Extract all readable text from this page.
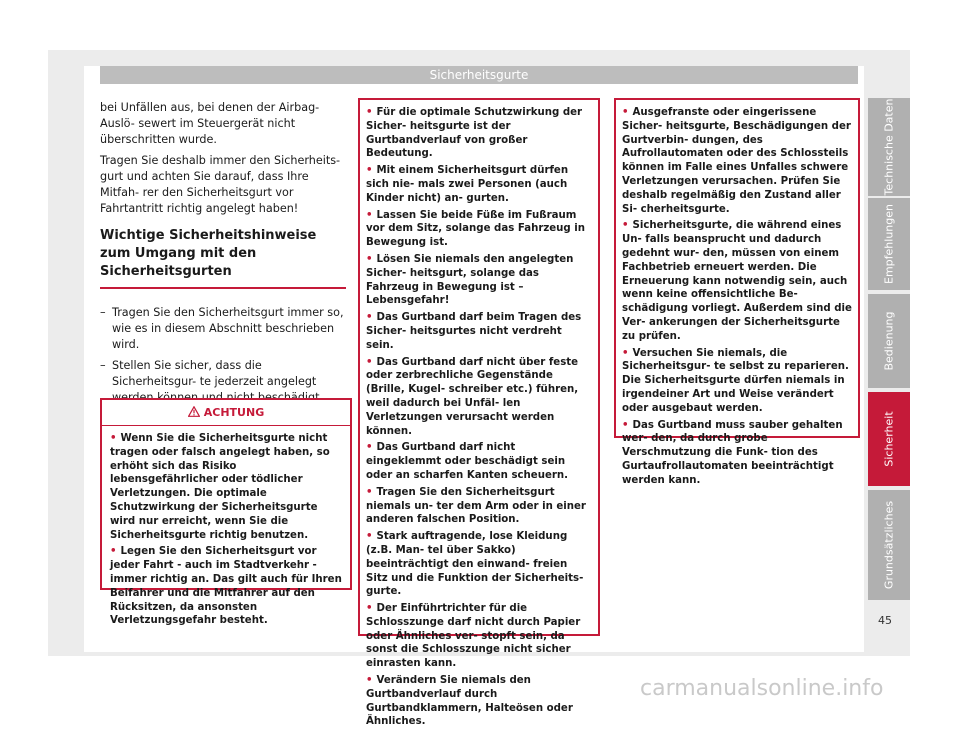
Sicherheitsgurte

bei Unfällen aus, bei denen der Airbag-Auslö- sewert im Steuergerät nicht überschritten wurde.

Tragen Sie deshalb immer den Sicherheits- gurt und achten Sie darauf, dass Ihre Mitfah- rer den Sicherheitsgurt vor Fahrtantritt richtig angelegt haben!

Wichtige Sicherheitshinweise zum Umgang mit den Sicherheitsgurten

– Tragen Sie den Sicherheitsgurt immer so, wie es in diesem Abschnitt beschrieben wird.

– Stellen Sie sicher, dass die Sicherheitsgur- te jederzeit angelegt

ACHTUNG
• Wenn Sie die Sicherheitsgurte nicht tragen oder falsch angelegt haben, so erhöht sich das Risiko lebensgefährlicher oder tödlicher Verletzungen. Die optimale Schutzwirkung der Sicherheitsgurte wird nur erreicht, wenn Sie die Sicherheitsgurte richtig benutzen.
• Legen Sie den Sicherheitsgurt vor jeder Fahrt - auch im Stadtverkehr - immer richtig an. Das gilt auch für Ihren Beifahrer und die Mitfahrer auf den Rücksitzen, da ansonsten Verletzungsgefahr besteht.
• Für die optimale Schutzwirkung der Sicher- heitsgurte ist der Gurtbandverlauf von großer Bedeutung.
• Mit einem Sicherheitsgurt dürfen sich nie- mals zwei Personen (auch Kinder nicht) an- gurten.
• Lassen Sie beide Füße im Fußraum vor dem Sitz, solange das Fahrzeug in Bewegung ist.
• Lösen Sie niemals den angelegten Sicher- heitsgurt, solange das Fahrzeug in Bewegung ist – Lebensgefahr!
• Das Gurtband darf beim Tragen des Sicher- heitsgurtes nicht verdreht sein.
• Das Gurtband darf nicht über feste oder zerbrechliche Gegenstände (Brille, Kugel- schreiber etc.) führen, weil dadurch bei Unfäl- len Verletzungen verursacht werden können.
• Das Gurtband darf nicht eingeklemmt oder beschädigt sein oder an scharfen Kanten scheuern.
• Tragen Sie den Sicherheitsgurt niemals un- ter dem Arm oder in einer anderen falschen Position.
• Stark auftragende, lose Kleidung (z.B. Man- tel über Sakko) beeinträchtigt den einwand- freien Sitz und die Funktion der Sicherheits- gurte.
• Der Einführtrichter für die Schlosszunge darf nicht durch Papier oder Ähnliches ver- stopft sein, da sonst die Schlosszunge nicht sicher einrasten kann.
• Verändern Sie niemals den Gurtbandverlauf durch Gurtbandklammern, Halteösen oder Ähnliches.
• Ausgefranste oder eingerissene Sicher- heitsgurte, Beschädigungen der Gurtverbin- dungen, des Aufrollautomaten oder des Schlossteils können im Falle eines Unfalles schwere Verletzungen verursachen. Prüfen Sie deshalb regelmäßig den Zustand aller Si- cherheitsgurte.
• Sicherheitsgurte, die während eines Un- falls beansprucht und dadurch gedehnt wur- den, müssen von einem Fachbetrieb erneuert werden. Die Erneuerung kann notwendig sein, auch wenn keine offensichtliche Be- schädigung vorliegt. Außerdem sind die Ver- ankerungen der Sicherheitsgurte zu prüfen.
• Versuchen Sie niemals, die Sicherheitsgur- te selbst zu reparieren. Die Sicherheitsgurte dürfen niemals in irgendeiner Art und Weise verändert oder ausgebaut werden.
• Das Gurtband muss sauber gehalten wer- den, da durch grobe Verschmutzung die Funk- tion des Gurtaufrollautomaten beeinträchtigt werden kann.
Technische Daten
Empfehlungen
Bedienung
Sicherheit
Grundsätzliches
45
carmanualsonline.info
